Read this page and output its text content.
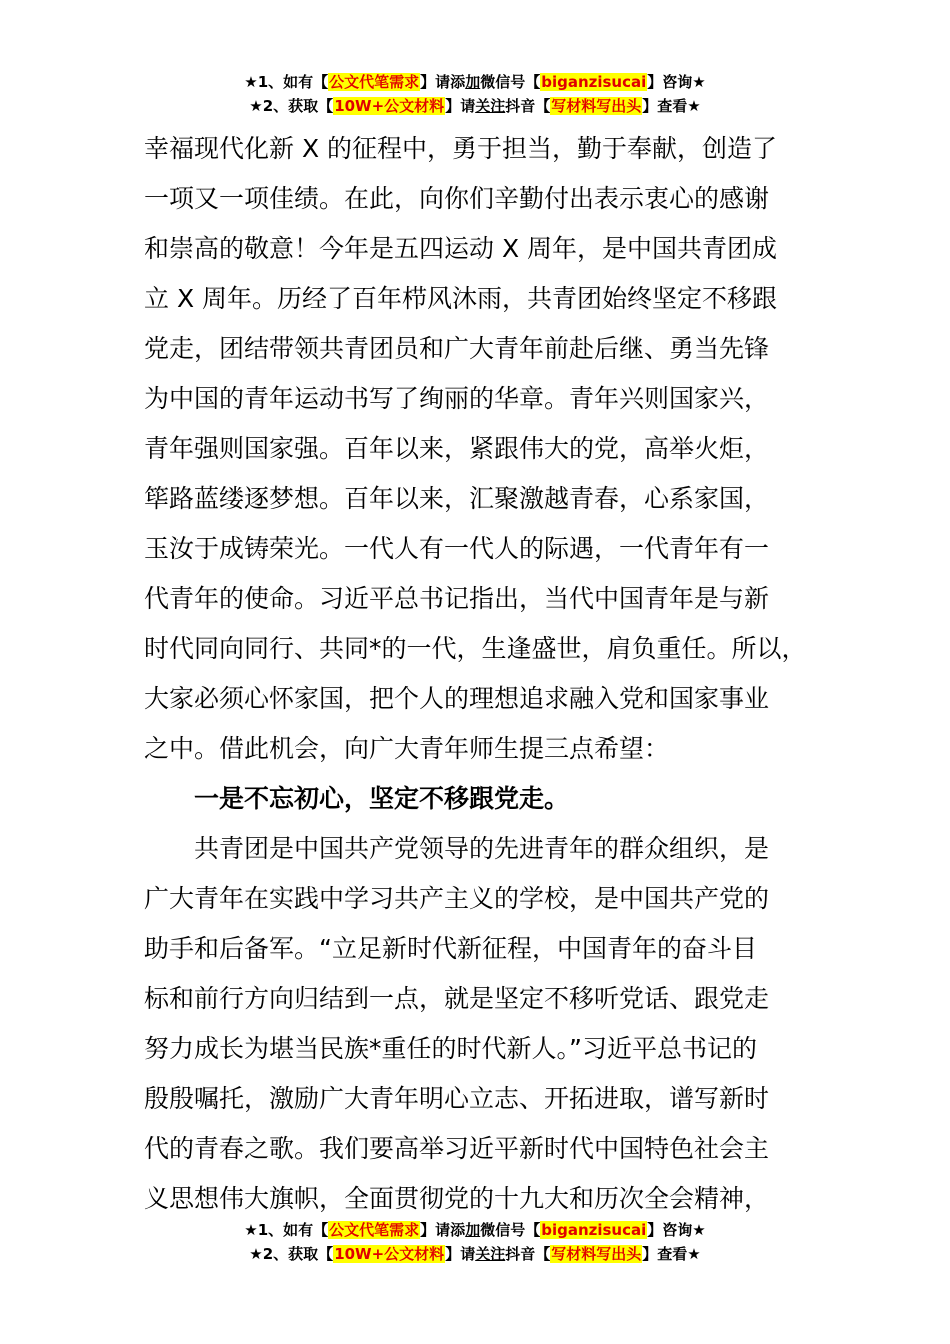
★1、如有【公文代笔需求】请添加微信号【biganzisucai】咨询★
★2、获取【10W+公文材料】请关注抖音【写材料写出头】查看★
幸福现代化新 X 的征程中，勇于担当，勤于奉献，创造了
一项又一项佳绩。在此，向你们辛勤付出表示衷心的感谢
和崇高的敬意！今年是五四运动 X 周年，是中国共青团成
立 X 周年。历经了百年栉风沐雨，共青团始终坚定不移跟
党走，团结带领共青团员和广大青年前赴后继、勇当先锋
为中国的青年运动书写了绚丽的华章。青年兴则国家兴，
青年强则国家强。百年以来，紧跟伟大的党，高举火炬，
筚路蓝缕逐梦想。百年以来，汇聚激越青春，心系家国，
玉汝于成铸荣光。一代人有一代人的际遇，一代青年有一
代青年的使命。习近平总书记指出，当代中国青年是与新
时代同向同行、共同*的一代，生逢盛世，肩负重任。所以，
大家必须心怀家国，把个人的理想追求融入党和国家事业
之中。借此机会，向广大青年师生提三点希望：
一是不忘初心，坚定不移跟党走。
共青团是中国共产党领导的先进青年的群众组织，是
广大青年在实践中学习共产主义的学校，是中国共产党的
助手和后备军。“立足新时代新征程，中国青年的奋斗目
标和前行方向归结到一点，就是坚定不移听党话、跟党走
努力成长为堪当民族*重任的时代新人。”习近平总书记的
殷殷嘱托，激励广大青年明心立志、开拓进取，谱写新时
代的青春之歌。我们要高举习近平新时代中国特色社会主
义思想伟大旗帜，全面贯彻党的十九大和历次全会精神，
★1、如有【公文代笔需求】请添加微信号【biganzisucai】咨询★
★2、获取【10W+公文材料】请关注抖音【写材料写出头】查看★
